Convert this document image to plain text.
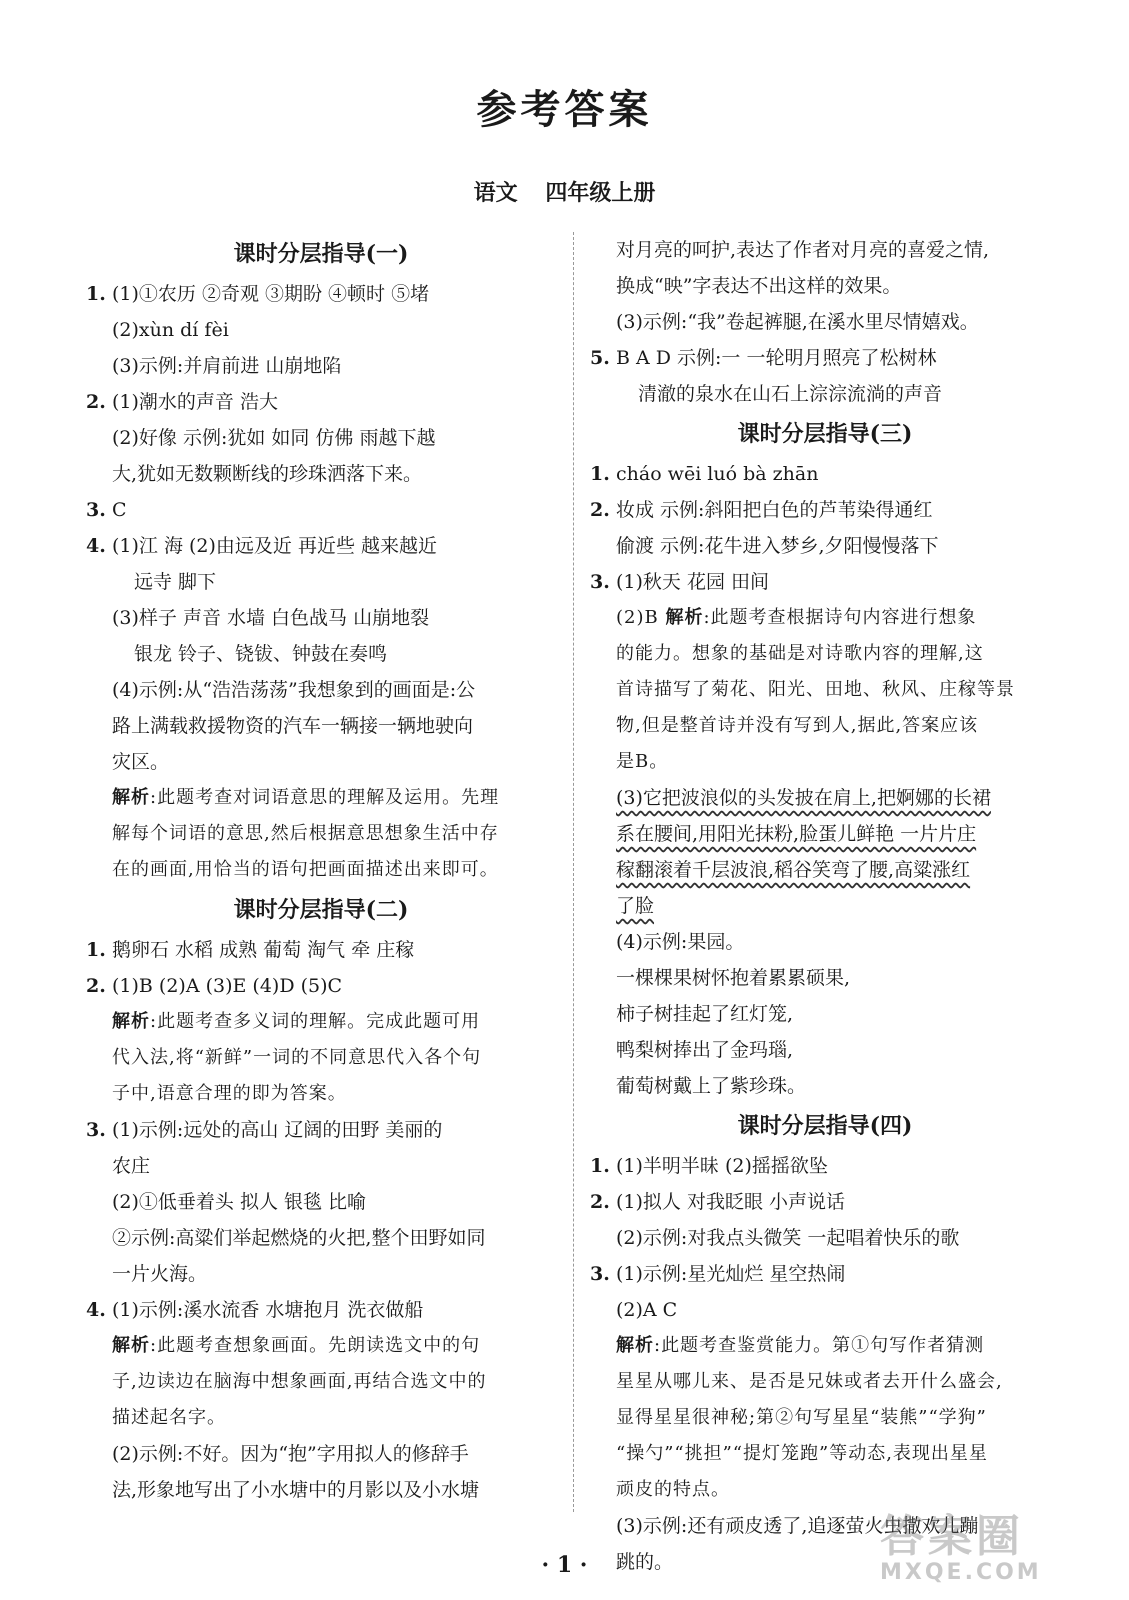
参考答案
语文 四年级上册
课时分层指导(一)
1. (1)①农历 ②奇观 ③期盼 ④顿时 ⑤堵
(2)xùn dí fèi
(3)示例:并肩前进 山崩地陷
2. (1)潮水的声音 浩大
(2)好像 示例:犹如 如同 仿佛 雨越下越
大,犹如无数颗断线的珍珠洒落下来。
3. C
4. (1)江 海 (2)由远及近 再近些 越来越近
远寺 脚下
(3)样子 声音 水墙 白色战马 山崩地裂
银龙 铃子、铙钹、钟鼓在奏鸣
(4)示例:从“浩浩荡荡”我想象到的画面是:公
路上满载救援物资的汽车一辆接一辆地驶向
灾区。
解析:此题考查对词语意思的理解及运用。先理
解每个词语的意思,然后根据意思想象生活中存
在的画面,用恰当的语句把画面描述出来即可。
课时分层指导(二)
1. 鹅卵石 水稻 成熟 葡萄 淘气 牵 庄稼
2. (1)B (2)A (3)E (4)D (5)C
解析:此题考查多义词的理解。完成此题可用
代入法,将“新鲜”一词的不同意思代入各个句
子中,语意合理的即为答案。
3. (1)示例:远处的高山 辽阔的田野 美丽的
农庄
(2)①低垂着头 拟人 银毯 比喻
②示例:高粱们举起燃烧的火把,整个田野如同
一片火海。
4. (1)示例:溪水流香 水塘抱月 洗衣做船
解析:此题考查想象画面。先朗读选文中的句
子,边读边在脑海中想象画面,再结合选文中的
描述起名字。
(2)示例:不好。因为“抱”字用拟人的修辞手
法,形象地写出了小水塘中的月影以及小水塘
对月亮的呵护,表达了作者对月亮的喜爱之情,
换成“映”字表达不出这样的效果。
(3)示例:“我”卷起裤腿,在溪水里尽情嬉戏。
5. B A D 示例:一 一轮明月照亮了松树林
清澈的泉水在山石上淙淙流淌的声音
课时分层指导(三)
1. cháo wēi luó bà zhān
2. 妆成 示例:斜阳把白色的芦苇染得通红
偷渡 示例:花牛进入梦乡,夕阳慢慢落下
3. (1)秋天 花园 田间
(2)B 解析:此题考查根据诗句内容进行想象
的能力。想象的基础是对诗歌内容的理解,这
首诗描写了菊花、阳光、田地、秋风、庄稼等景
物,但是整首诗并没有写到人,据此,答案应该
是B。
(3)它把波浪似的头发披在肩上,把婀娜的长裙
系在腰间,用阳光抹粉,脸蛋儿鲜艳 一片片庄
稼翻滚着千层波浪,稻谷笑弯了腰,高粱涨红
了脸
(4)示例:果园。
一棵棵果树怀抱着累累硕果,
柿子树挂起了红灯笼,
鸭梨树捧出了金玛瑙,
葡萄树戴上了紫珍珠。
课时分层指导(四)
1. (1)半明半昧 (2)摇摇欲坠
2. (1)拟人 对我眨眼 小声说话
(2)示例:对我点头微笑 一起唱着快乐的歌
3. (1)示例:星光灿烂 星空热闹
(2)A C
解析:此题考查鉴赏能力。第①句写作者猜测
星星从哪儿来、是否是兄妹或者去开什么盛会,
显得星星很神秘;第②句写星星“装熊”“学狗”
“操勺”“挑担”“提灯笼跑”等动态,表现出星星
顽皮的特点。
(3)示例:还有顽皮透了,追逐萤火虫撒欢儿蹦
跳的。
· 1 ·
答案圈
MXQE.COM
